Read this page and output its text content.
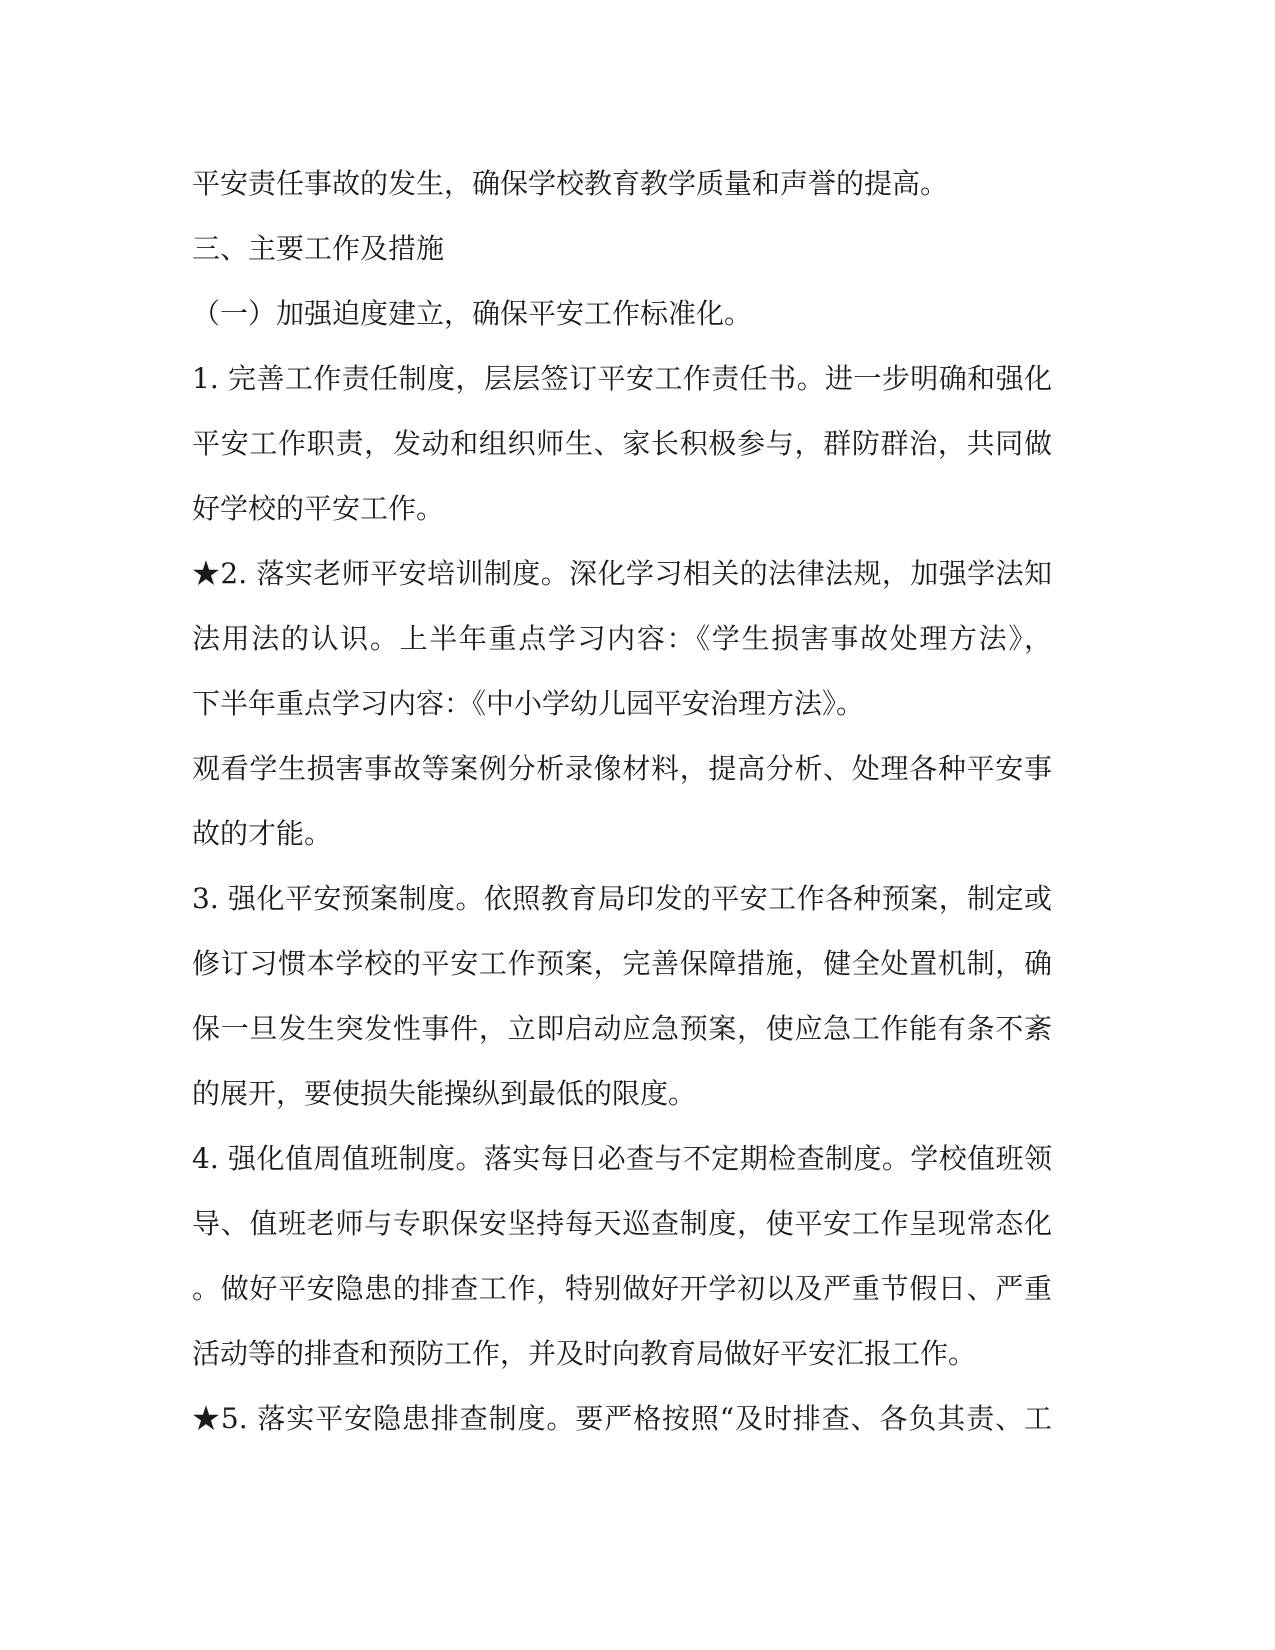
平安责任事故的发生，确保学校教育教学质量和声誉的提高。
三、主要工作及措施
（一）加强迫度建立，确保平安工作标准化。
1. 完善工作责任制度，层层签订平安工作责任书。进一步明确和强化
平安工作职责，发动和组织师生、家长积极参与，群防群治，共同做
好学校的平安工作。
★2. 落实老师平安培训制度。深化学习相关的法律法规，加强学法知
法用法的认识。上半年重点学习内容：《学生损害事故处理方法》，
下半年重点学习内容：《中小学幼儿园平安治理方法》。
观看学生损害事故等案例分析录像材料，提高分析、处理各种平安事
故的才能。
3. 强化平安预案制度。依照教育局印发的平安工作各种预案，制定或
修订习惯本学校的平安工作预案，完善保障措施，健全处置机制，确
保一旦发生突发性事件，立即启动应急预案，使应急工作能有条不紊
的展开，要使损失能操纵到最低的限度。
4. 强化值周值班制度。落实每日必查与不定期检查制度。学校值班领
导、值班老师与专职保安坚持每天巡查制度，使平安工作呈现常态化
。做好平安隐患的排查工作，特别做好开学初以及严重节假日、严重
活动等的排查和预防工作，并及时向教育局做好平安汇报工作。
★5. 落实平安隐患排查制度。要严格按照“及时排查、各负其责、工
